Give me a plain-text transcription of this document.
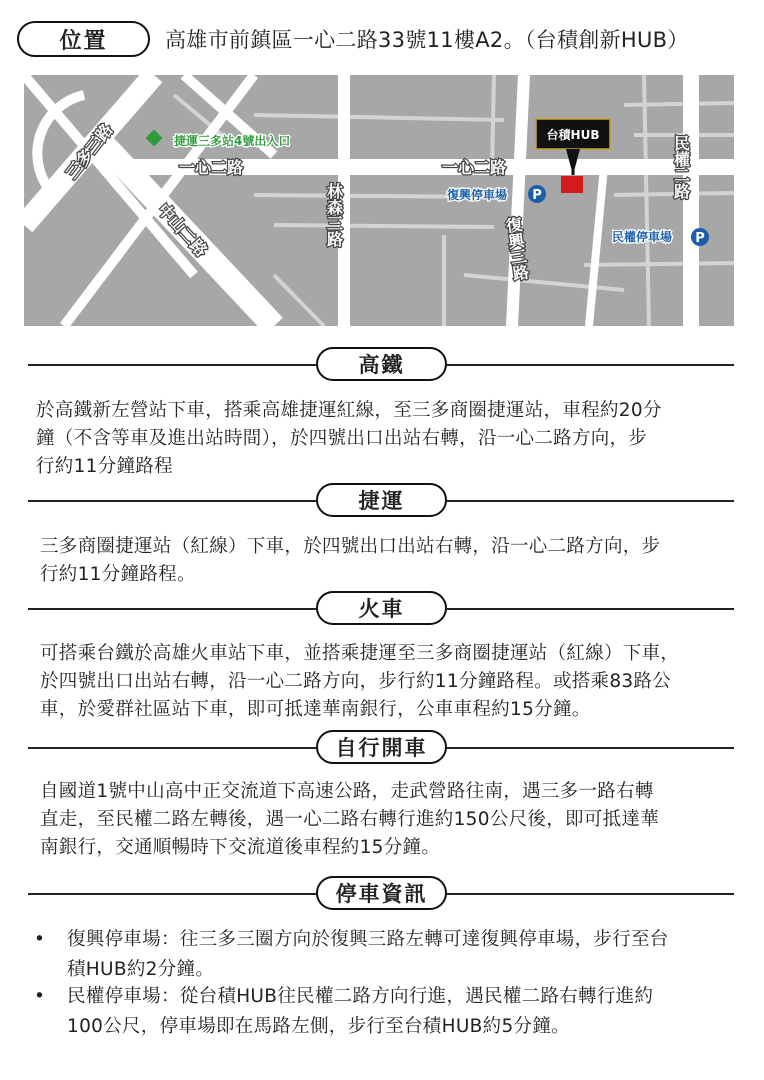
位置	高雄市前鎮區一心二路33號11樓A2。（台積創新HUB）
三多三路	一心二路	一心二路
中山二路	林森三路
復興三路
民權二路
捷運三多站4號出入口
復興停車場 P
民權停車場 P
台積HUB
高鐵
於高鐵新左營站下車，搭乘高雄捷運紅線，至三多商圈捷運站，車程約20分
鐘（不含等車及進出站時間），於四號出口出站右轉，沿一心二路方向，步
行約11分鐘路程
捷運
三多商圈捷運站（紅線）下車，於四號出口出站右轉，沿一心二路方向，步
行約11分鐘路程。
火車
可搭乘台鐵於高雄火車站下車，並搭乘捷運至三多商圈捷運站（紅線）下車，
於四號出口出站右轉，沿一心二路方向，步行約11分鐘路程。或搭乘83路公
車，於愛群社區站下車，即可抵達華南銀行，公車車程約15分鐘。
自行開車
自國道1號中山高中正交流道下高速公路，走武營路往南，遇三多一路右轉
直走，至民權二路左轉後，遇一心二路右轉行進約150公尺後，即可抵達華
南銀行，交通順暢時下交流道後車程約15分鐘。
停車資訊
• 復興停車場：往三多三圈方向於復興三路左轉可達復興停車場，步行至台
積HUB約2分鐘。
• 民權停車場：從台積HUB往民權二路方向行進，遇民權二路右轉行進約
100公尺，停車場即在馬路左側，步行至台積HUB約5分鐘。
